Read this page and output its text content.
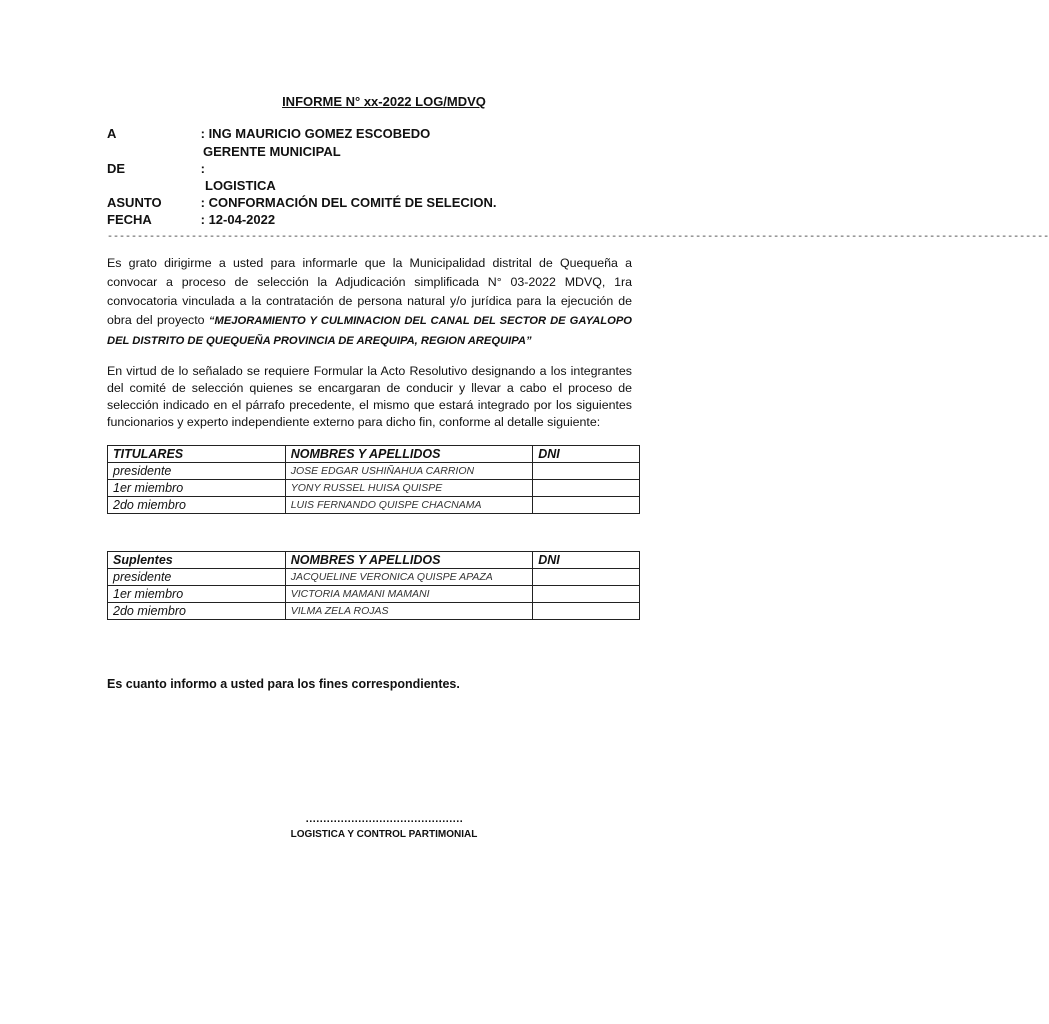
INFORME N° xx-2022 LOG/MDVQ
A	: ING MAURICIO GOMEZ ESCOBEDO
GERENTE MUNICIPAL
DE	:
LOGISTICA
ASUNTO	: CONFORMACIÓN DEL COMITÉ DE SELECION.
FECHA	: 12-04-2022
-------------------------------------------------------------------------------------------------------------------------------------------------------------
Es grato dirigirme a usted para informarle que la Municipalidad distrital de Quequeña a convocar a proceso de selección la Adjudicación simplificada N° 03-2022 MDVQ, 1ra convocatoria vinculada a la contratación de persona natural y/o jurídica para la ejecución de obra del proyecto “MEJORAMIENTO Y CULMINACION DEL CANAL DEL SECTOR DE GAYALOPO DEL DISTRITO DE QUEQUEÑA PROVINCIA DE AREQUIPA, REGION AREQUIPA”
En virtud de lo señalado se requiere Formular la Acto Resolutivo designando a los integrantes del comité de selección quienes se encargaran de conducir y llevar a cabo el proceso de selección indicado en el párrafo precedente, el mismo que estará integrado por los siguientes funcionarios y experto independiente externo para dicho fin, conforme al detalle siguiente:
TITULARES	NOMBRES Y APELLIDOS	DNI
presidente	JOSE EDGAR USHIÑAHUA CARRION	
1er miembro	YONY RUSSEL HUISA QUISPE	
2do miembro	LUIS FERNANDO QUISPE CHACNAMA	
Suplentes	NOMBRES Y APELLIDOS	DNI
presidente	JACQUELINE VERONICA QUISPE APAZA	
1er miembro	VICTORIA MAMANI MAMANI	
2do miembro	VILMA ZELA ROJAS	
Es cuanto informo a usted para los fines correspondientes.
………………………………………
LOGISTICA Y CONTROL PARTIMONIAL
